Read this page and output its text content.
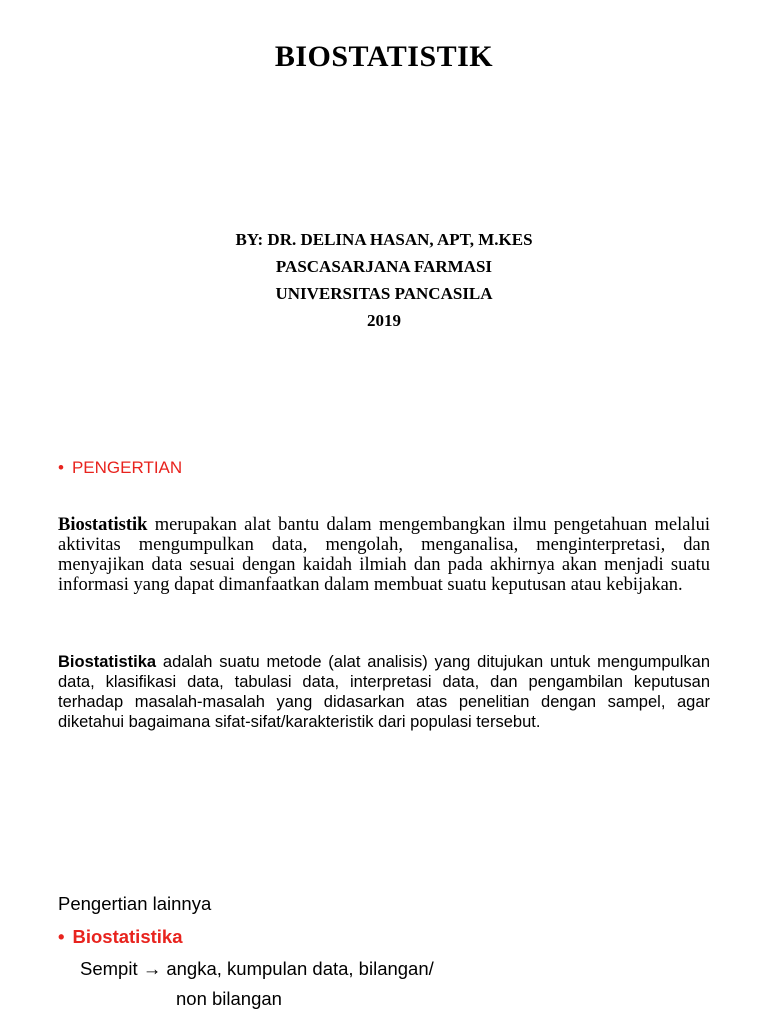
BIOSTATISTIK
BY: DR. DELINA HASAN, APT, M.KES
PASCASARJANA FARMASI
UNIVERSITAS PANCASILA
2019
• PENGERTIAN
Biostatistik merupakan alat bantu dalam mengembangkan ilmu pengetahuan melalui aktivitas mengumpulkan data, mengolah, menganalisa, menginterpretasi, dan menyajikan data sesuai dengan kaidah ilmiah dan pada akhirnya akan menjadi suatu informasi yang dapat dimanfaatkan dalam membuat suatu keputusan atau kebijakan.
Biostatistika adalah suatu metode (alat analisis) yang ditujukan untuk mengumpulkan data, klasifikasi data, tabulasi data, interpretasi data, dan pengambilan keputusan terhadap masalah-masalah yang didasarkan atas penelitian dengan sampel, agar diketahui bagaimana sifat-sifat/karakteristik dari populasi tersebut.
Pengertian lainnya
• Biostatistika
Sempit → angka, kumpulan data, bilangan/
non bilangan
